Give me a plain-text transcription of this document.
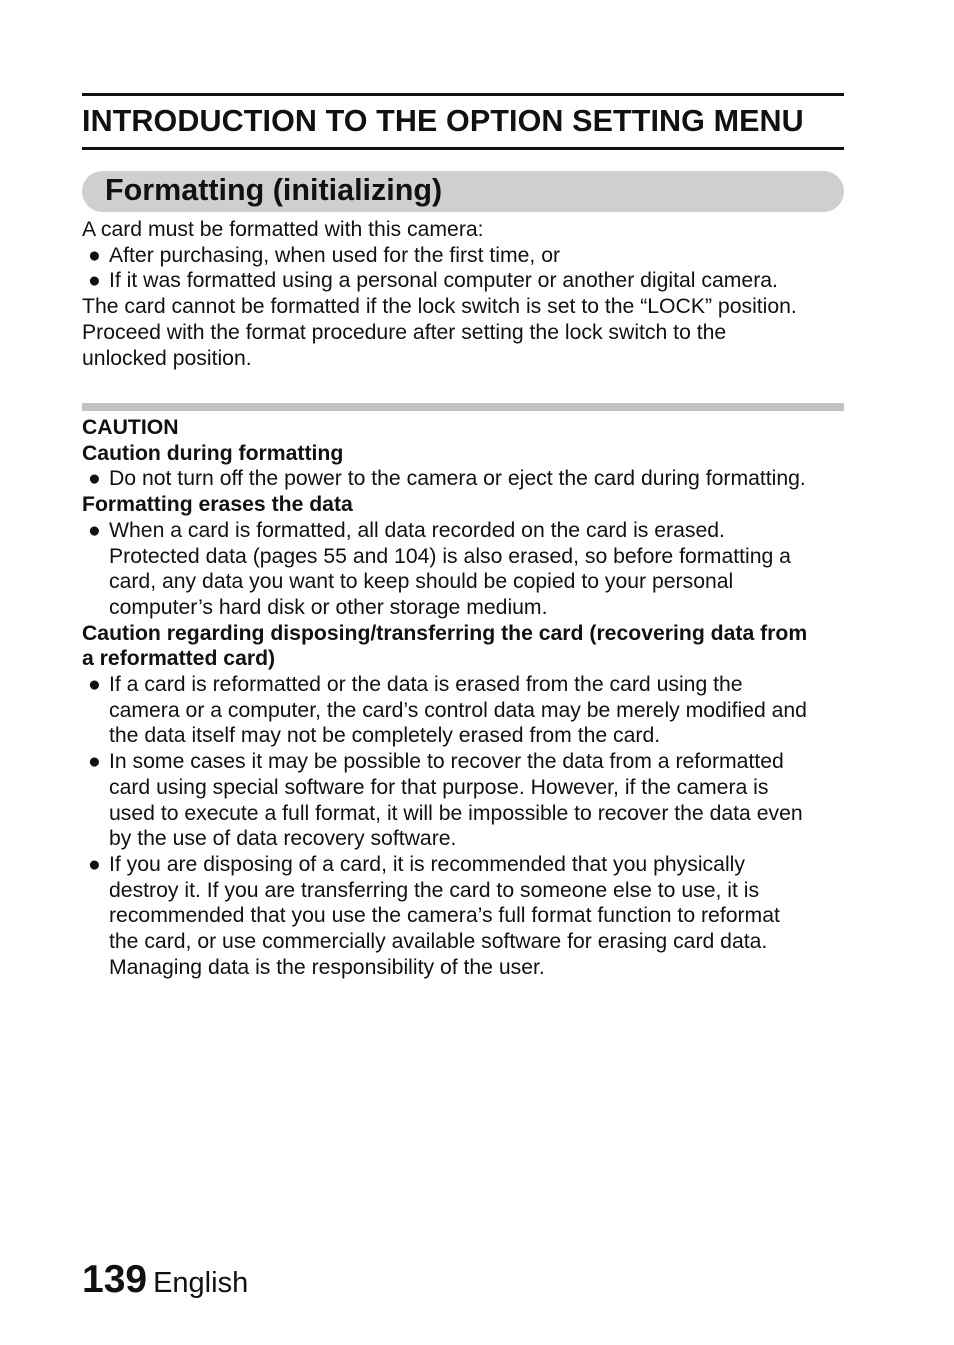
INTRODUCTION TO THE OPTION SETTING MENU
Formatting (initializing)
A card must be formatted with this camera:
● After purchasing, when used for the first time, or
● If it was formatted using a personal computer or another digital camera.
The card cannot be formatted if the lock switch is set to the “LOCK” position.
Proceed with the format procedure after setting the lock switch to the
unlocked position.
CAUTION
Caution during formatting
● Do not turn off the power to the camera or eject the card during formatting.
Formatting erases the data
● When a card is formatted, all data recorded on the card is erased.
Protected data (pages 55 and 104) is also erased, so before formatting a
card, any data you want to keep should be copied to your personal
computer’s hard disk or other storage medium.
Caution regarding disposing/transferring the card (recovering data from
a reformatted card)
● If a card is reformatted or the data is erased from the card using the
camera or a computer, the card’s control data may be merely modified and
the data itself may not be completely erased from the card.
● In some cases it may be possible to recover the data from a reformatted
card using special software for that purpose. However, if the camera is
used to execute a full format, it will be impossible to recover the data even
by the use of data recovery software.
● If you are disposing of a card, it is recommended that you physically
destroy it. If you are transferring the card to someone else to use, it is
recommended that you use the camera’s full format function to reformat
the card, or use commercially available software for erasing card data.
Managing data is the responsibility of the user.
139 English
